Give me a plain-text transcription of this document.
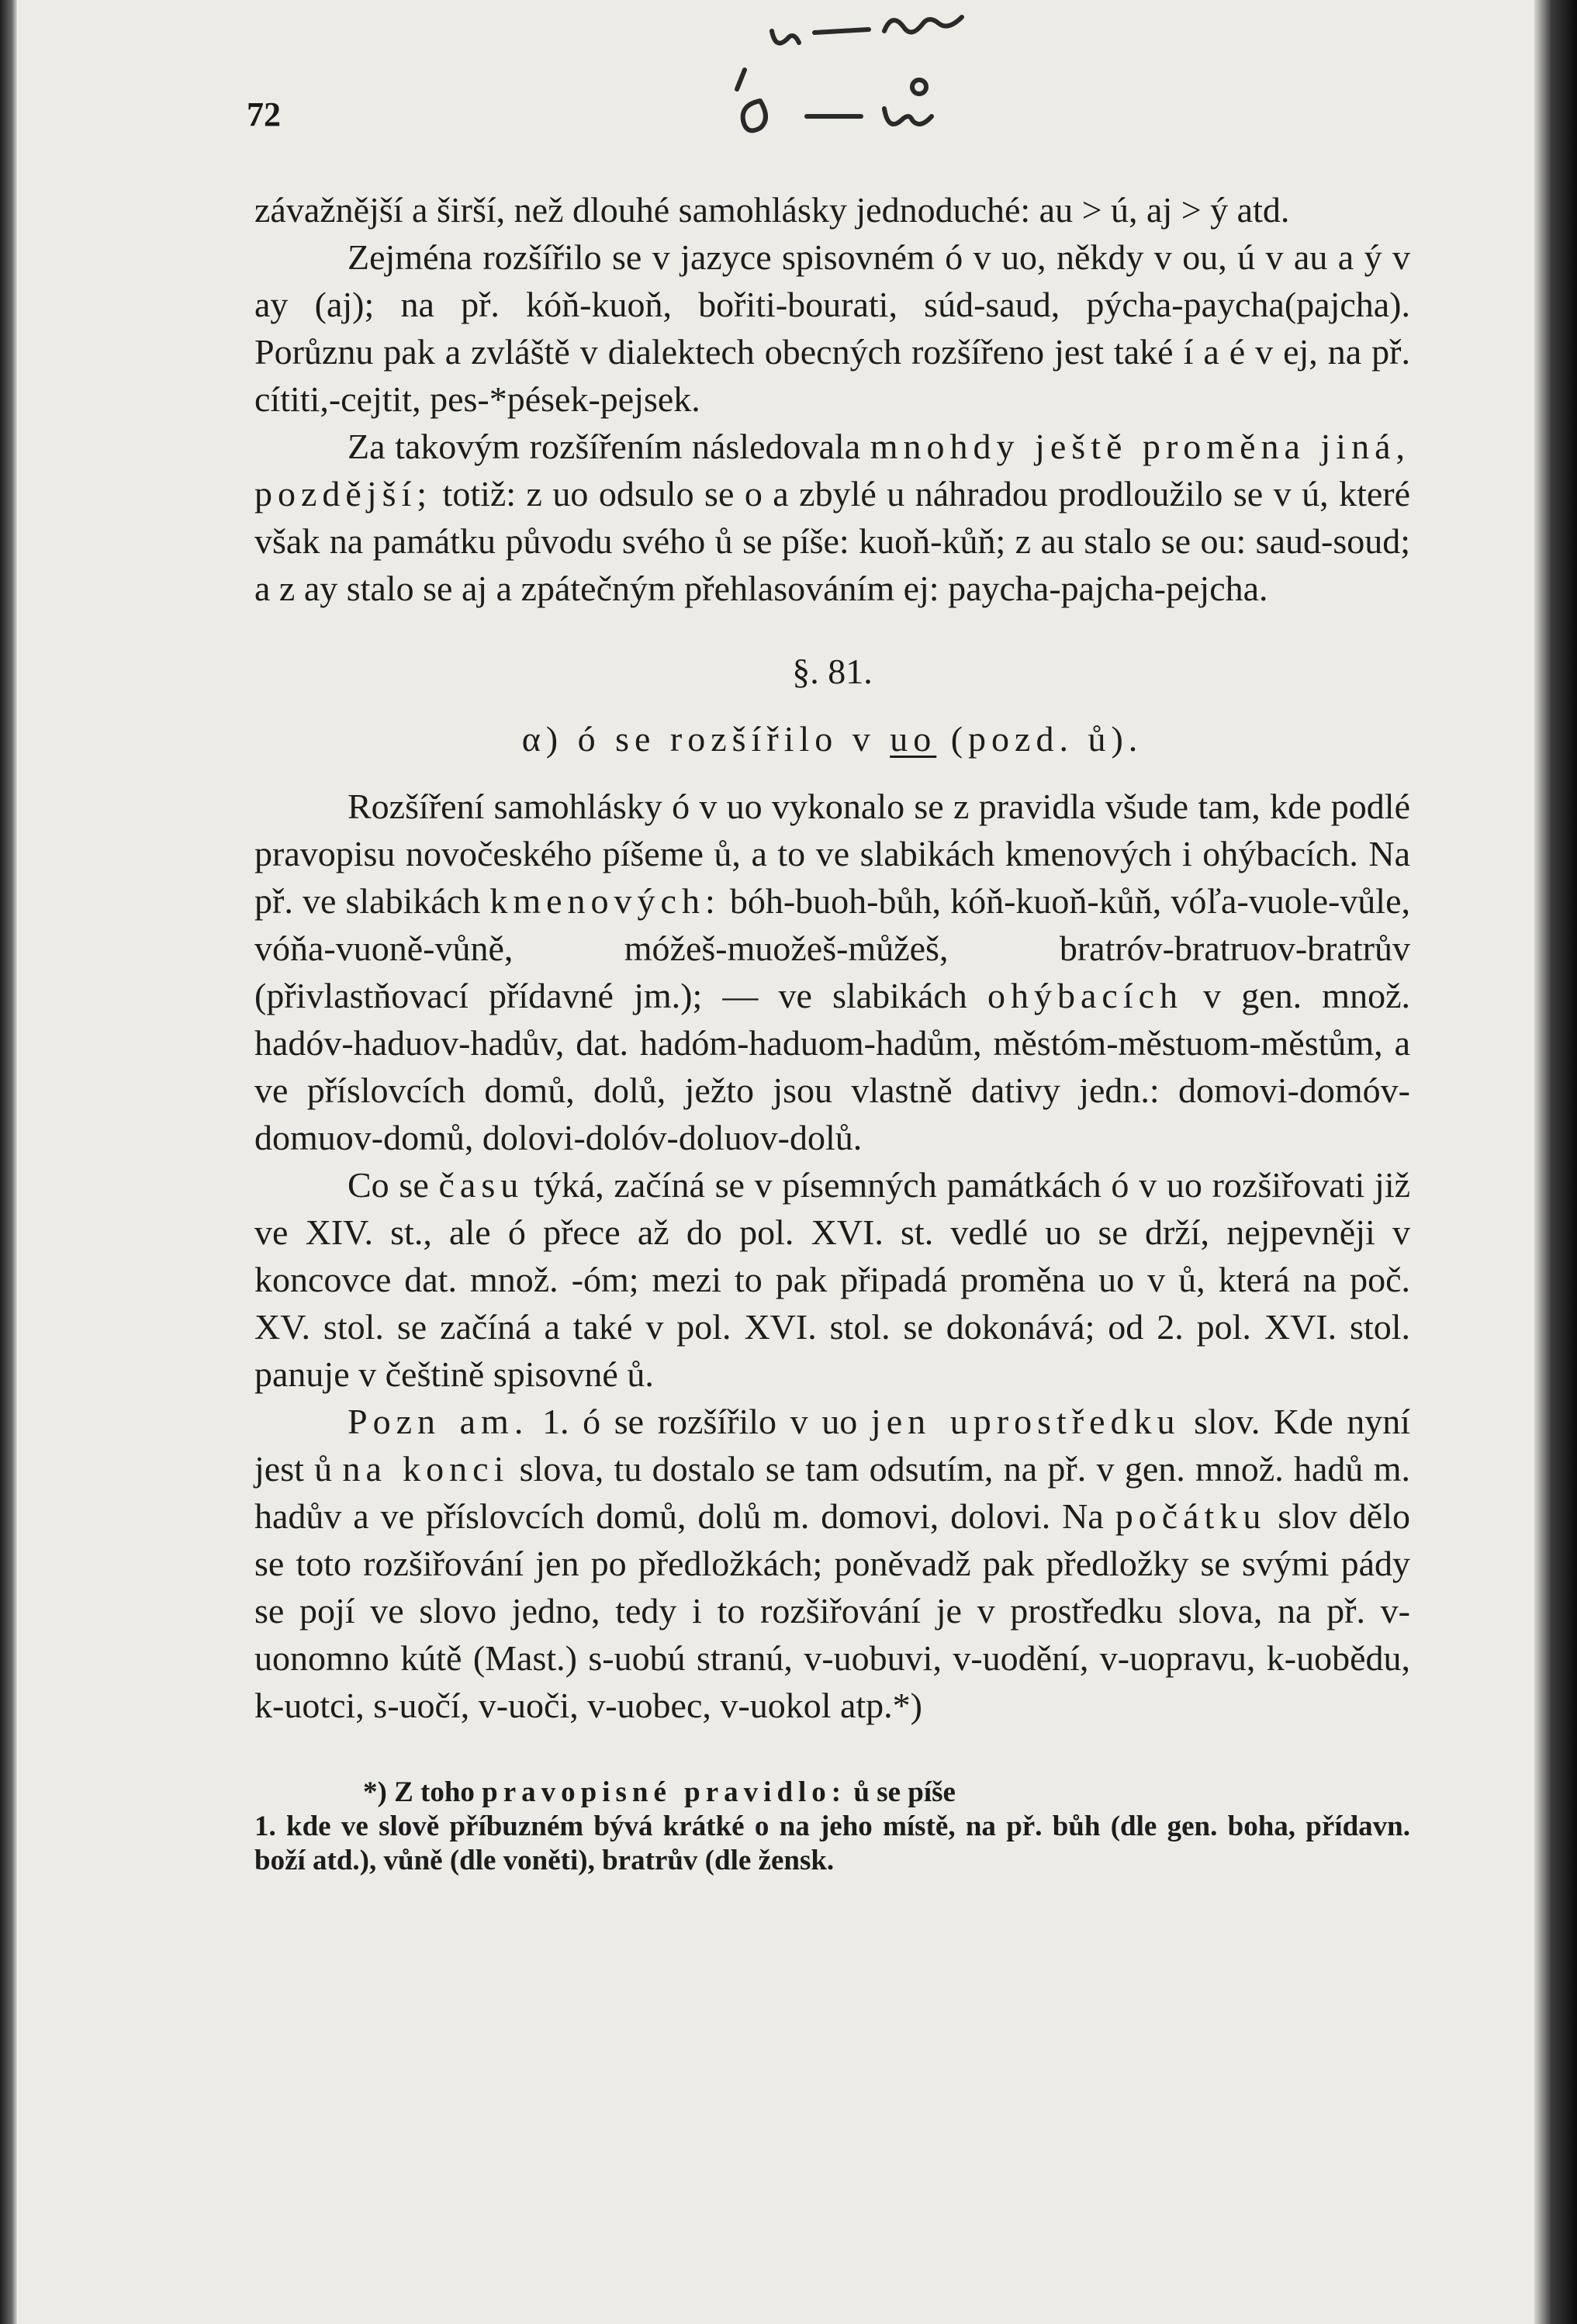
72

závažnější a širší, než dlouhé samohlásky jednoduché: au > ú, aj > ý atd.

Zejména rozšířilo se v jazyce spisovném ó v uo, někdy v ou, ú v au a ý v ay (aj); na př. kóň-kuoň, bořiti-bourati, súd-saud, pýcha-paycha(pajcha). Porůznu pak a zvláště v dialektech obecných rozšířeno jest také í a é v ej, na př. cítiti,-cejtit, pes-*pések-pejsek.

Za takovým rozšířením následovala mnohdy ještě proměna jiná, pozdější; totiž: z uo odsulo se o a zbylé u náhradou prodloužilo se v ú, které však na památku původu svého ů se píše: kuoň-kůň; z au stalo se ou: saud-soud; a z ay stalo se aj a zpátečným přehlasováním ej: paycha-pajcha-pejcha.

§. 81.

α) ó se rozšířilo v uo (pozd. ů).

Rozšíření samohlásky ó v uo vykonalo se z pravidla všude tam, kde podlé pravopisu novočeského píšeme ů, a to ve slabikách kmenových i ohýbacích. Na př. ve slabikách kmenových: bóh-buoh-bůh, kóň-kuoň-kůň, vóľa-vuole-vůle, vóňa-vuoně-vůně, móžeš-muožeš-můžeš, bratróv-bratruov-bratrův (přivlastňovací přídavné jm.); — ve slabikách ohýbacích v gen. množ. hadóv-haduov-hadův, dat. hadóm-haduom-hadům, městóm-městuom-městům, a ve příslovcích domů, dolů, ježto jsou vlastně dativy jedn.: domovi-domóv-domuov-domů, dolovi-dolóv-doluov-dolů.

Co se času týká, začíná se v písemných památkách ó v uo rozšiřovati již ve XIV. st., ale ó přece až do pol. XVI. st. vedlé uo se drží, nejpevněji v koncovce dat. množ. -óm; mezi to pak připadá proměna uo v ů, která na poč. XV. stol. se začíná a také v pol. XVI. stol. se dokonává; od 2. pol. XVI. stol. panuje v češtině spisovné ů.

Pozn am. 1. ó se rozšířilo v uo jen uprostředku slov. Kde nyní jest ů na konci slova, tu dostalo se tam odsutím, na př. v gen. množ. hadů m. hadův a ve příslovcích domů, dolů m. domovi, dolovi. Na počátku slov dělo se toto rozšiřování jen po předložkách; poněvadž pak předložky se svými pády se pojí ve slovo jedno, tedy i to rozšiřování je v prostředku slova, na př. v-uonomno kútě (Mast.) s-uobú stranú, v-uobuvi, v-uodění, v-uopravu, k-uobědu, k-uotci, s-uočí, v-uoči, v-uobec, v-uokol atp.*)

*) Z toho pravopisné pravidlo: ů se píše
1. kde ve slově příbuzném bývá krátké o na jeho místě, na př. bůh (dle gen. boha, přídavn. boží atd.), vůně (dle voněti), bratrův (dle žensk.
